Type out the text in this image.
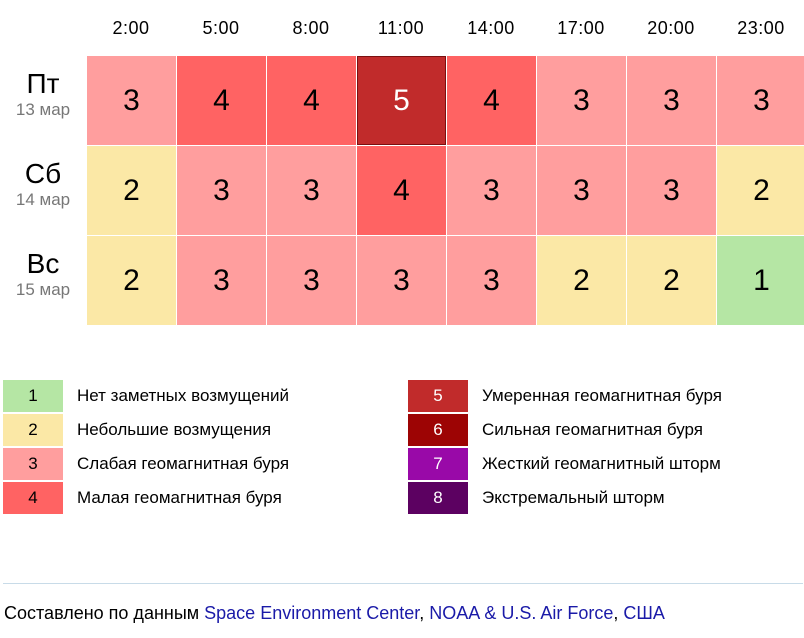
2:00	5:00	8:00	11:00	14:00	17:00	20:00	23:00
Пт
13 мар	3	4	4	5	4	3	3	3
Сб
14 мар	2	3	3	4	3	3	3	2
Вс
15 мар	2	3	3	3	3	2	2	1
1	Нет заметных возмущений
2	Небольшие возмущения
3	Слабая геомагнитная буря
4	Малая геомагнитная буря
5	Умеренная геомагнитная буря
6	Сильная геомагнитная буря
7	Жесткий геомагнитный шторм
8	Экстремальный шторм
Составлено по данным Space Environment Center, NOAA & U.S. Air Force, США
